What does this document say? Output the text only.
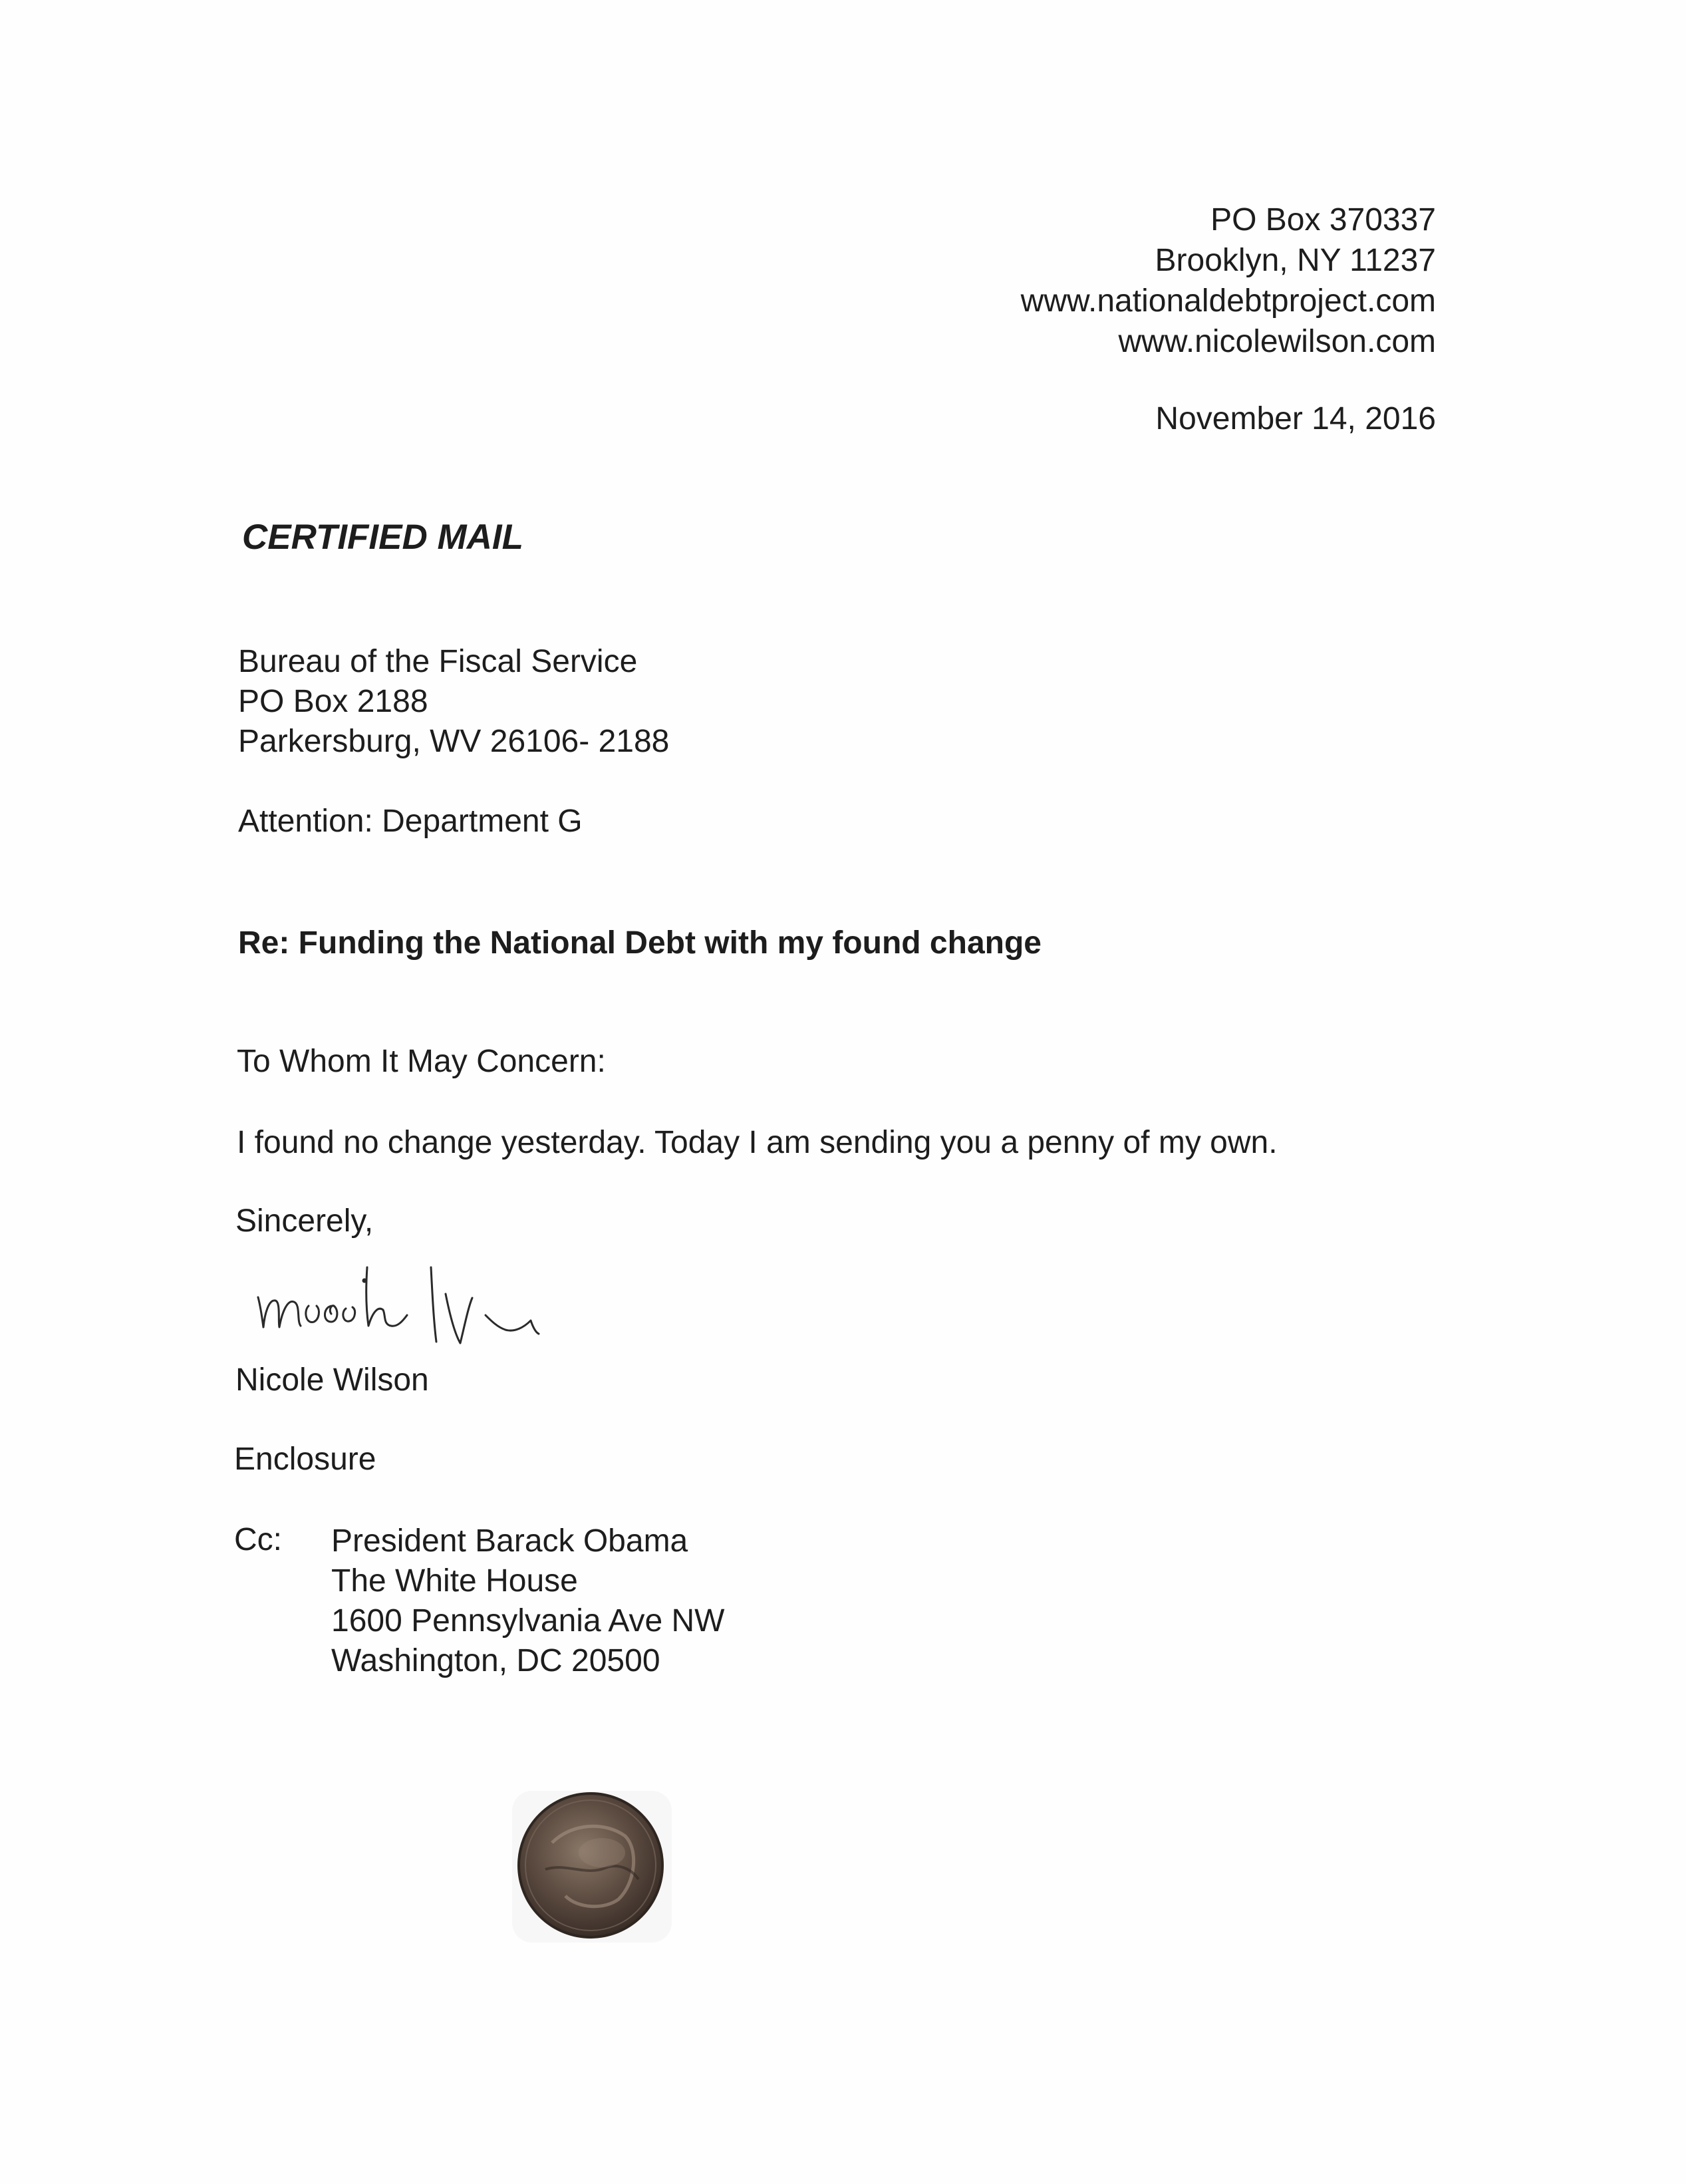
PO Box 370337
Brooklyn, NY 11237
www.nationaldebtproject.com
www.nicolewilson.com
November 14, 2016
CERTIFIED MAIL
Bureau of the Fiscal Service
PO Box 2188
Parkersburg, WV 26106- 2188
Attention: Department G
Re: Funding the National Debt with my found change
To Whom It May Concern:
I found no change yesterday. Today I am sending you a penny of my own.
Sincerely,
Nicole Wilson
Enclosure
Cc: President Barack Obama
The White House
1600 Pennsylvania Ave NW
Washington, DC 20500
